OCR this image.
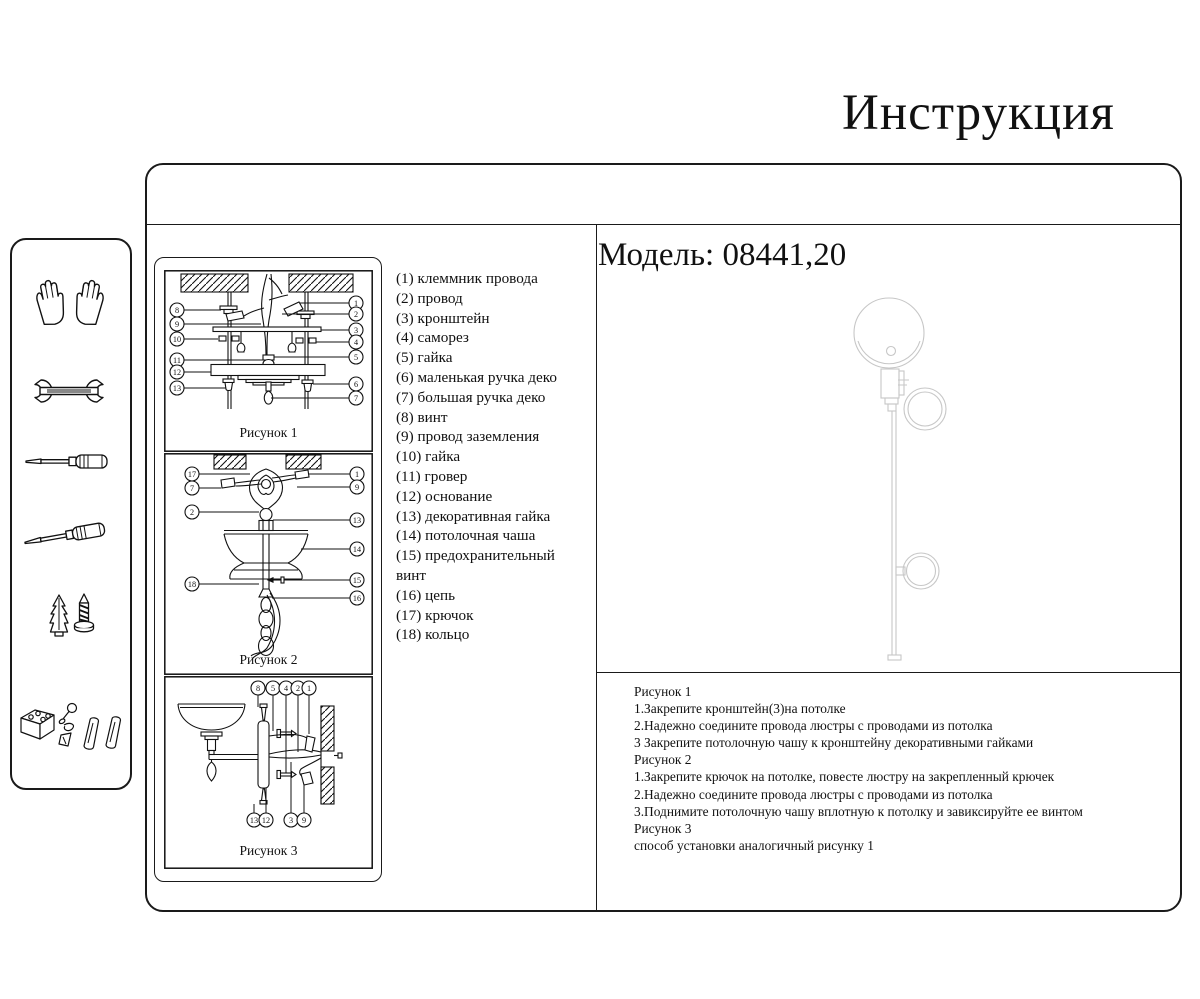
Инструкция
8
9
10
11
12
13
1
2
3
4
5
6
7
Рисунок 1
17
7
2
18
1
9
13
14
15
16
Рисунок 2
8 5 4 2 1
13 12 3 9
Рисунок 3
(1) клеммник провода
(2) провод
(3) кронштейн
(4) саморез
(5) гайка
(6) маленькая ручка деко
(7) большая ручка деко
(8) винт
(9) провод заземления
(10) гайка
(11) гровер
(12) основание
(13) декоративная гайка
(14) потолочная чаша
(15) предохранительный винт
(16) цепь
(17) крючок
(18) кольцо
Модель: 08441,20
Рисунок 1
1.Закрепите кронштейн(3)на потолке
2.Надежно соедините провода люстры с проводами из потолка
3 Закрепите потолочную чашу к кронштейну декоративными гайками
Рисунок 2
1.Закрепите крючок на потолке, повесте люстру на закрепленный крючек
2.Надежно соедините провода люстры с проводами из потолка
3.Поднимите потолочную чашу вплотную к потолку и завиксируйте ее винтом
Рисунок 3
способ установки аналогичный рисунку 1
